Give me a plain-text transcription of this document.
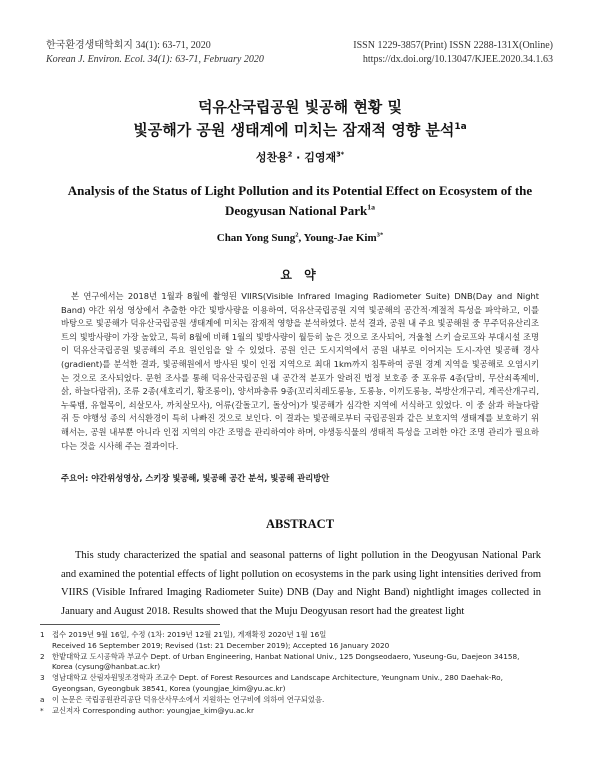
한국환경생태학회지 34(1): 63-71, 2020
Korean J. Environ. Ecol. 34(1): 63-71, February 2020
ISSN 1229-3857(Print) ISSN 2288-131X(Online)
https://dx.doi.org/10.13047/KJEE.2020.34.1.63
덕유산국립공원 빛공해 현황 및
빛공해가 공원 생태계에 미치는 잠재적 영향 분석$^{1a}$
성찬용$^2$ · 김영재$^{3*}$
Analysis of the Status of Light Pollution and its Potential Effect on Ecosystem of the Deogyusan National Park$^{1a}$
Chan Yong Sung$^2$, Young-Jae Kim$^{3*}$
요 약

본 연구에서는 2018년 1월과 8월에 촬영된 VIIRS(Visible Infrared Imaging Radiometer Suite) DNB(Day and Night Band) 야간 위성 영상에서 추출한 야간 빛방사량을 이용하여, 덕유산국립공원 지역 빛공해의 공간적·계절적 특성을 파악하고, 이를 바탕으로 빛공해가 덕유산국립공원 생태계에 미치는 잠재적 영향을 분석하였다. 분석 결과, 공원 내 주요 빛공해원 중 무주덕유산리조트의 빛방사량이 가장 높았고, 특히 8월에 비해 1월의 빛방사량이 월등히 높은 것으로 조사되어, 겨울철 스키 슬로프와 부대시설 조명이 덕유산국립공원 빛공해의 주요 원인임을 알 수 있었다. 공원 인근 도시지역에서 공원 내부로 이어지는 도시-자연 빛공해 경사(gradient)를 분석한 결과, 빛공해원에서 방사된 빛이 인접 지역으로 최대 1km까지 침투하여 공원 경계 지역을 빛공해로 오염시키는 것으로 조사되었다. 문헌 조사를 통해 덕유산국립공원 내 공간적 분포가 알려진 법정 보호종 중 포유류 4종(담비, 무산쇠족제비, 삵, 하늘다람쥐), 조류 2종(새호리기, 황조롱이), 양서파충류 9종(꼬리치레도롱뇽, 도롱뇽, 이끼도롱뇽, 북방산개구리, 계곡산개구리, 누룩뱀, 유혈목이, 쇠살모사, 까치살모사), 어류(갈돌고기, 돌상어)가 빛공해가 심각한 지역에 서식하고 있었다. 이 중 삵과 하늘다람쥐 등 야행성 종의 서식환경이 특히 나빠진 것으로 보인다. 이 결과는 빛공해로부터 국립공원과 같은 보호지역 생태계를 보호하기 위해서는, 공원 내부뿐 아니라 인접 지역의 야간 조명을 관리하여야 하며, 야생동식물의 생태적 특성을 고려한 야간 조명 관리가 필요하다는 것을 시사해 주는 결과이다.

주요어: 야간위성영상, 스키장 빛공해, 빛공해 공간 분석, 빛공해 관리방안
ABSTRACT

This study characterized the spatial and seasonal patterns of light pollution in the Deogyusan National Park and examined the potential effects of light pollution on ecosystems in the park using light intensities derived from VIIRS (Visible Infrared Imaging Radiometer Suite) DNB (Day and Night Band) nightlight images collected in January and August 2018. Results showed that the Muju Deogyusan resort had the greatest light

1	접수 2019년 9월 16일, 수정 (1차: 2019년 12월 21일), 게재확정 2020년 1월 16일
Received 16 September 2019; Revised (1st: 21 December 2019); Accepted 16 January 2020
2	한밭대학교 도시공학과 부교수 Dept. of Urban Engineering, Hanbat National Univ., 125 Dongseodaero, Yuseung-Gu, Daejeon 34158,
Korea (cysung@hanbat.ac.kr)
3	영남대학교 산림자원및조경학과 조교수 Dept. of Forest Resources and Landscape Architecture, Yeungnam Univ., 280 Daehak-Ro,
Gyeongsan, Gyeongbuk 38541, Korea (youngjae_kim@yu.ac.kr)
a	이 논문은 국립공원관리공단 덕유산사무소에서 지원하는 연구비에 의하여 연구되었음.
*	교신저자 Corresponding author: youngjae_kim@yu.ac.kr
